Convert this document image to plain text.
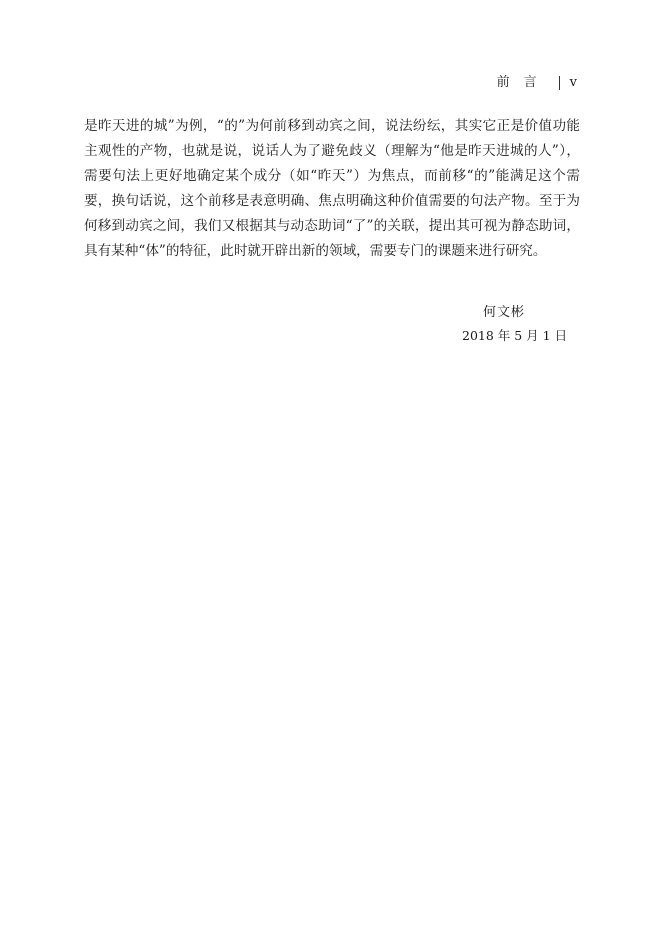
前言 v

是昨天进的城”为例，“的”为何前移到动宾之间，说法纷纭，其实它正是价值功能主观性的产物，也就是说，说话人为了避免歧义（理解为“他是昨天进城的人”），需要句法上更好地确定某个成分（如“昨天”）为焦点，而前移“的”能满足这个需要，换句话说，这个前移是表意明确、焦点明确这种价值需要的句法产物。至于为何移到动宾之间，我们又根据其与动态助词“了”的关联，提出其可视为静态助词，具有某种“体”的特征，此时就开辟出新的领域，需要专门的课题来进行研究。

何文彬
2018 年 5 月 1 日
